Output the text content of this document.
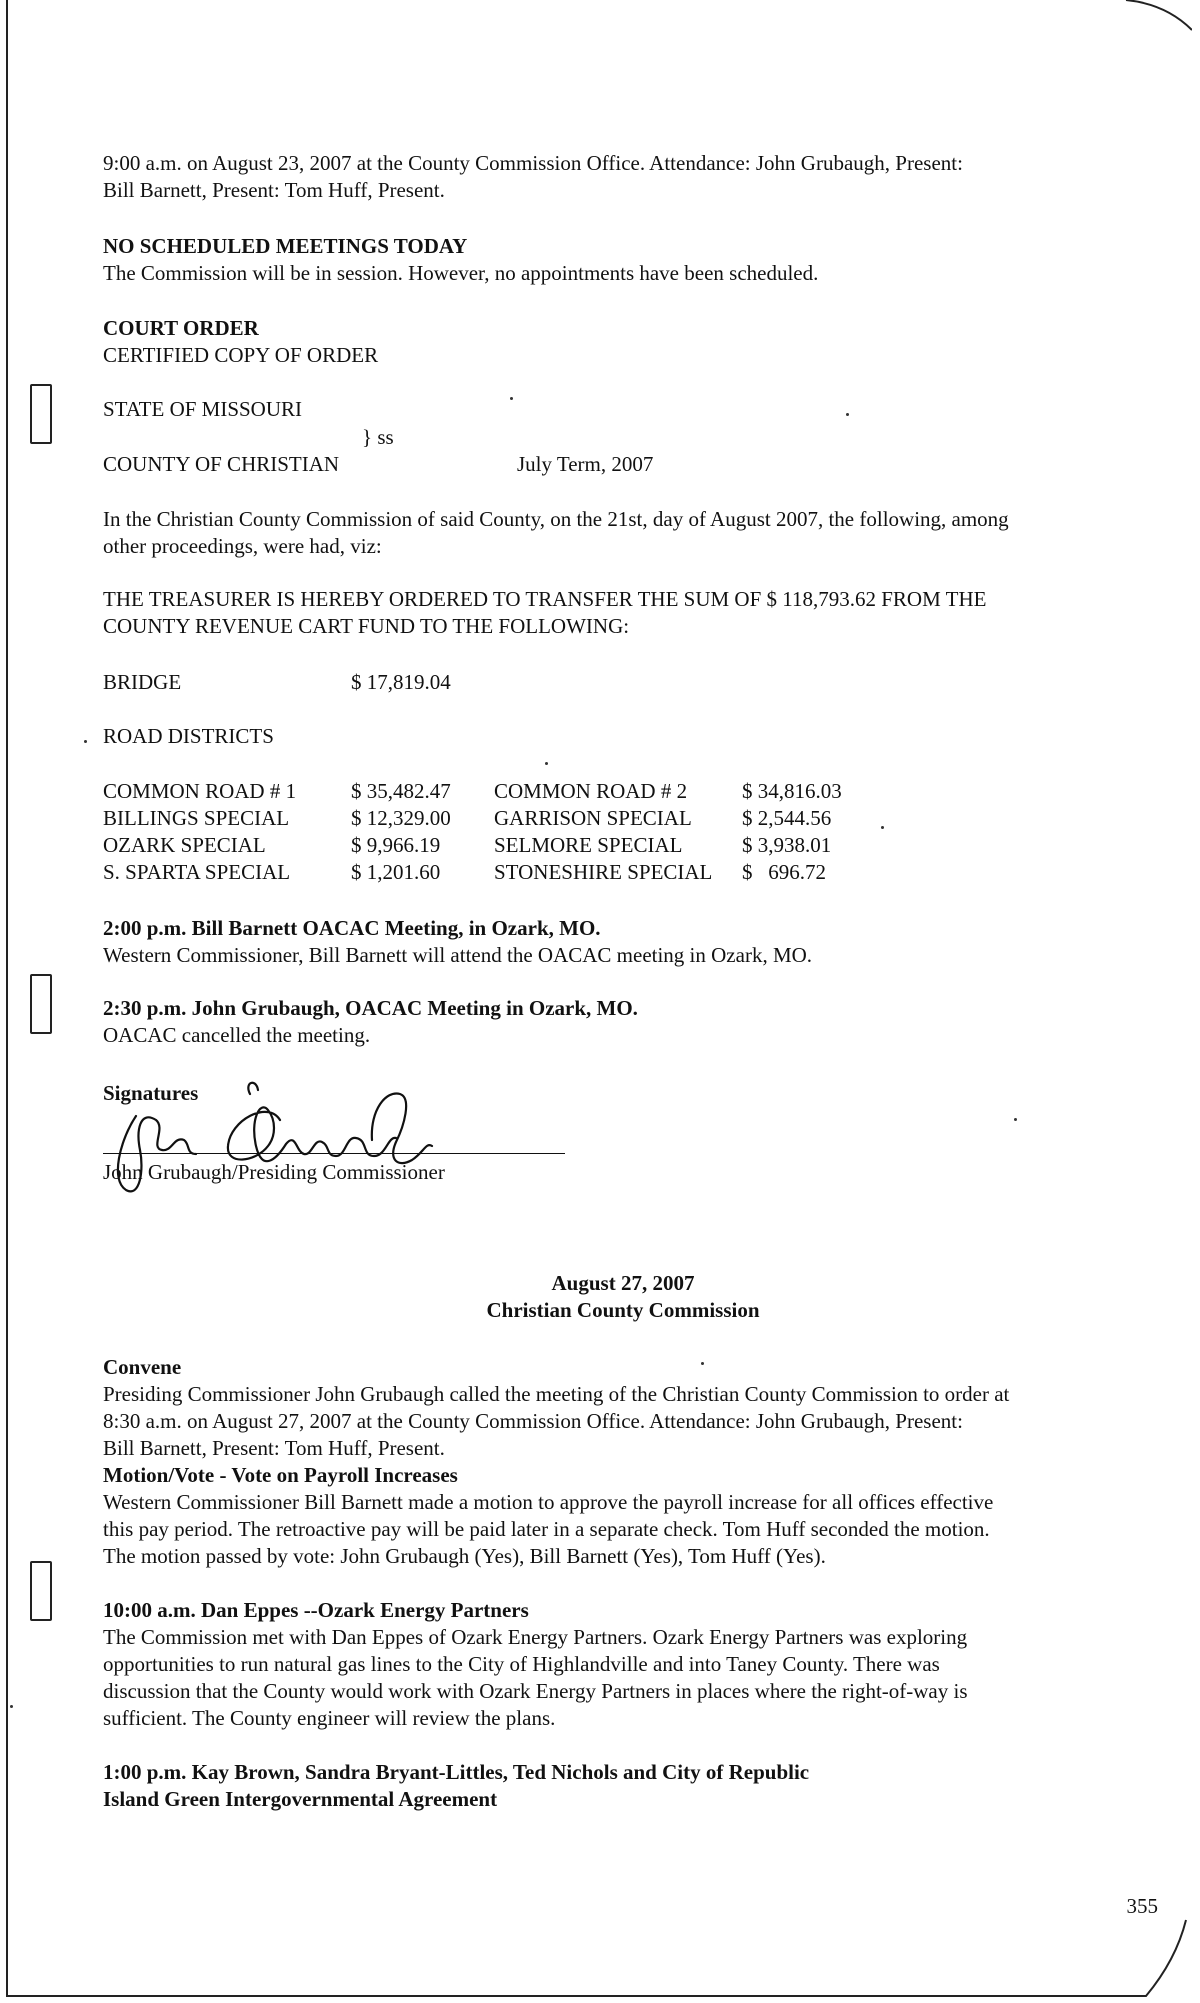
9:00 a.m. on August 23, 2007 at the County Commission Office. Attendance: John Grubaugh, Present:
Bill Barnett, Present: Tom Huff, Present.
NO SCHEDULED MEETINGS TODAY
The Commission will be in session. However, no appointments have been scheduled.
COURT ORDER
CERTIFIED COPY OF ORDER
STATE OF MISSOURI
} ss
COUNTY OF CHRISTIAN	July Term, 2007
In the Christian County Commission of said County, on the 21st, day of August 2007, the following, among
other proceedings, were had, viz:
THE TREASURER IS HEREBY ORDERED TO TRANSFER THE SUM OF $ 118,793.62 FROM THE
COUNTY REVENUE CART FUND TO THE FOLLOWING:
BRIDGE	$ 17,819.04
ROAD DISTRICTS
COMMON ROAD # 1	$ 35,482.47 COMMON ROAD # 2	$ 34,816.03
BILLINGS SPECIAL	$ 12,329.00 GARRISON SPECIAL $ 2,544.56
OZARK SPECIAL	$ 9,966.19	SELMORE SPECIAL	$ 3,938.01
S. SPARTA SPECIAL	$ 1,201.60	STONESHIRE SPECIAL $   696.72
2:00 p.m. Bill Barnett OACAC Meeting, in Ozark, MO.
Western Commissioner, Bill Barnett will attend the OACAC meeting in Ozark, MO.
2:30 p.m. John Grubaugh, OACAC Meeting in Ozark, MO.
OACAC cancelled the meeting.
Signatures
John Grubaugh/Presiding Commissioner
August 27, 2007
Christian County Commission
Convene
Presiding Commissioner John Grubaugh called the meeting of the Christian County Commission to order at
8:30 a.m. on August 27, 2007 at the County Commission Office. Attendance: John Grubaugh, Present:
Bill Barnett, Present: Tom Huff, Present.
Motion/Vote - Vote on Payroll Increases
Western Commissioner Bill Barnett made a motion to approve the payroll increase for all offices effective
this pay period. The retroactive pay will be paid later in a separate check. Tom Huff seconded the motion.
The motion passed by vote: John Grubaugh (Yes), Bill Barnett (Yes), Tom Huff (Yes).
10:00 a.m. Dan Eppes --Ozark Energy Partners
The Commission met with Dan Eppes of Ozark Energy Partners. Ozark Energy Partners was exploring
opportunities to run natural gas lines to the City of Highlandville and into Taney County. There was
discussion that the County would work with Ozark Energy Partners in places where the right-of-way is
sufficient. The County engineer will review the plans.
1:00 p.m. Kay Brown, Sandra Bryant-Littles, Ted Nichols and City of Republic
Island Green Intergovernmental Agreement
355
